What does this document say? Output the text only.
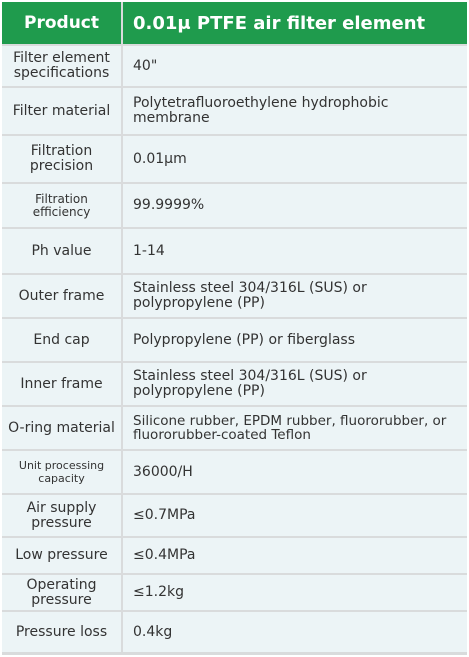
Product	0.01μ PTFE air filter element
Filter element specifications	40"
Filter material	Polytetrafluoroethylene hydrophobic membrane
Filtration precision	0.01μm
Filtration efficiency	99.9999%
Ph value	1-14
Outer frame	Stainless steel 304/316L (SUS) or polypropylene (PP)
End cap	Polypropylene (PP) or fiberglass
Inner frame	Stainless steel 304/316L (SUS) or polypropylene (PP)
O-ring material	Silicone rubber, EPDM rubber, fluororubber, or fluororubber-coated Teflon
Unit processing capacity	36000/H
Air supply pressure	≤0.7MPa
Low pressure	≤0.4MPa
Operating pressure	≤1.2kg
Pressure loss	0.4kg
